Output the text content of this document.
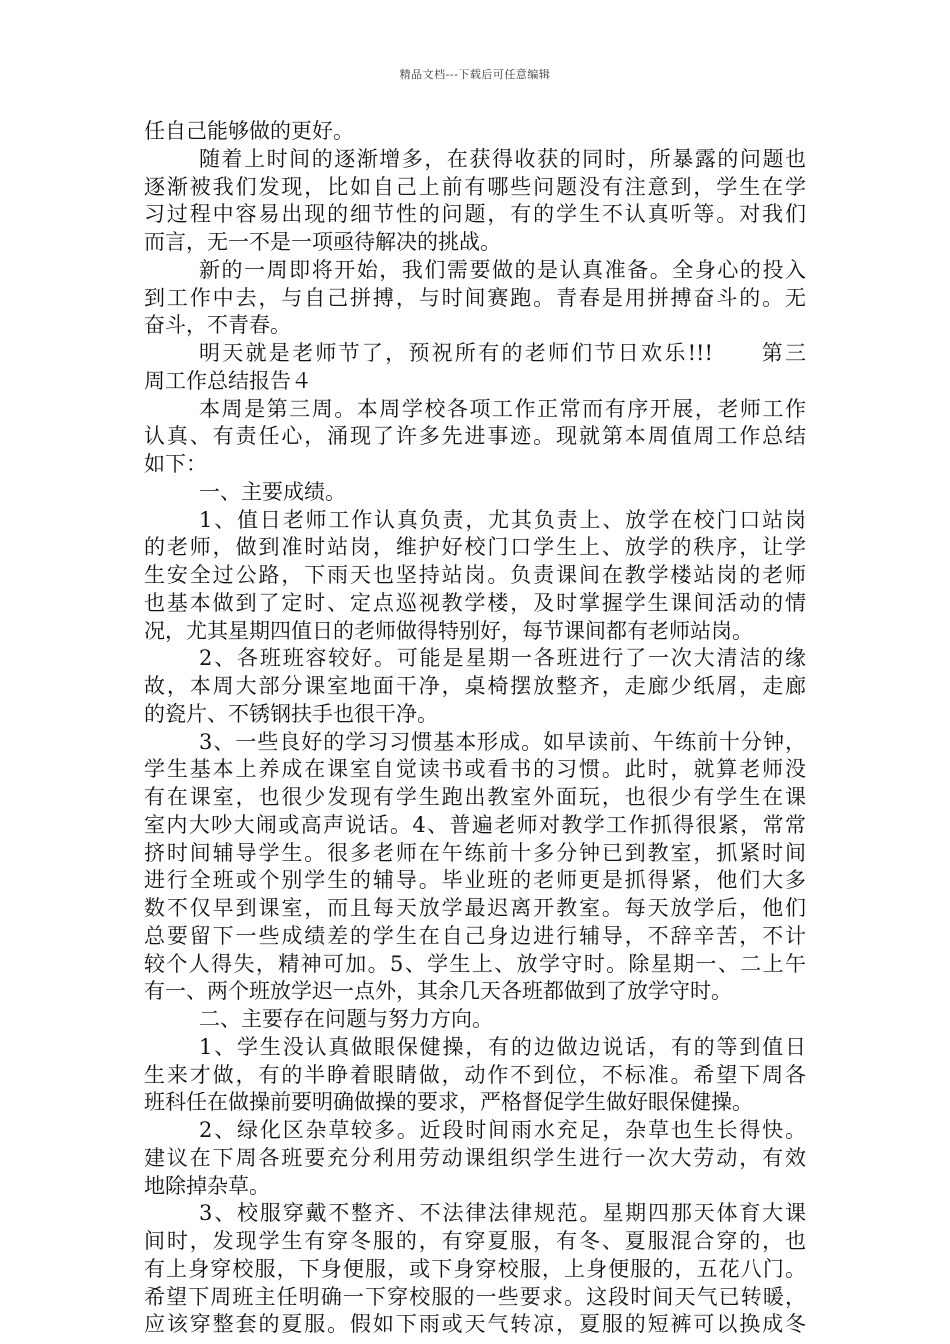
精品文档---下载后可任意编辑
任自己能够做的更好。
随着上时间的逐渐增多，在获得收获的同时，所暴露的问题也
逐渐被我们发现，比如自己上前有哪些问题没有注意到，学生在学
习过程中容易出现的细节性的问题，有的学生不认真听等。对我们
而言，无一不是一项亟待解决的挑战。
新的一周即将开始，我们需要做的是认真准备。全身心的投入
到工作中去，与自己拼搏，与时间赛跑。青春是用拼搏奋斗的。无
奋斗，不青春。
明天就是老师节了，预祝所有的老师们节日欢乐!!!　　第三
周工作总结报告４
本周是第三周。本周学校各项工作正常而有序开展，老师工作
认真、有责任心，涌现了许多先进事迹。现就第本周值周工作总结
如下：
一、主要成绩。
1、值日老师工作认真负责，尤其负责上、放学在校门口站岗
的老师，做到准时站岗，维护好校门口学生上、放学的秩序，让学
生安全过公路，下雨天也坚持站岗。负责课间在教学楼站岗的老师
也基本做到了定时、定点巡视教学楼，及时掌握学生课间活动的情
况，尤其星期四值日的老师做得特别好，每节课间都有老师站岗。
2、各班班容较好。可能是星期一各班进行了一次大清洁的缘
故，本周大部分课室地面干净，桌椅摆放整齐，走廊少纸屑，走廊
的瓷片、不锈钢扶手也很干净。
3、一些良好的学习习惯基本形成。如早读前、午练前十分钟，
学生基本上养成在课室自觉读书或看书的习惯。此时，就算老师没
有在课室，也很少发现有学生跑出教室外面玩，也很少有学生在课
室内大吵大闹或高声说话。4、普遍老师对教学工作抓得很紧，常常
挤时间辅导学生。很多老师在午练前十多分钟已到教室，抓紧时间
进行全班或个别学生的辅导。毕业班的老师更是抓得紧，他们大多
数不仅早到课室，而且每天放学最迟离开教室。每天放学后，他们
总要留下一些成绩差的学生在自己身边进行辅导，不辞辛苦，不计
较个人得失，精神可加。5、学生上、放学守时。除星期一、二上午
有一、两个班放学迟一点外，其余几天各班都做到了放学守时。
二、主要存在问题与努力方向。
1、学生没认真做眼保健操，有的边做边说话，有的等到值日
生来才做，有的半睁着眼睛做，动作不到位，不标准。希望下周各
班科任在做操前要明确做操的要求，严格督促学生做好眼保健操。
2、绿化区杂草较多。近段时间雨水充足，杂草也生长得快。
建议在下周各班要充分利用劳动课组织学生进行一次大劳动，有效
地除掉杂草。
3、校服穿戴不整齐、不法律法律规范。星期四那天体育大课
间时，发现学生有穿冬服的，有穿夏服，有冬、夏服混合穿的，也
有上身穿校服，下身便服，或下身穿校服，上身便服的，五花八门。
希望下周班主任明确一下穿校服的一些要求。这段时间天气已转暖，
应该穿整套的夏服。假如下雨或天气转凉，夏服的短裤可以换成冬
